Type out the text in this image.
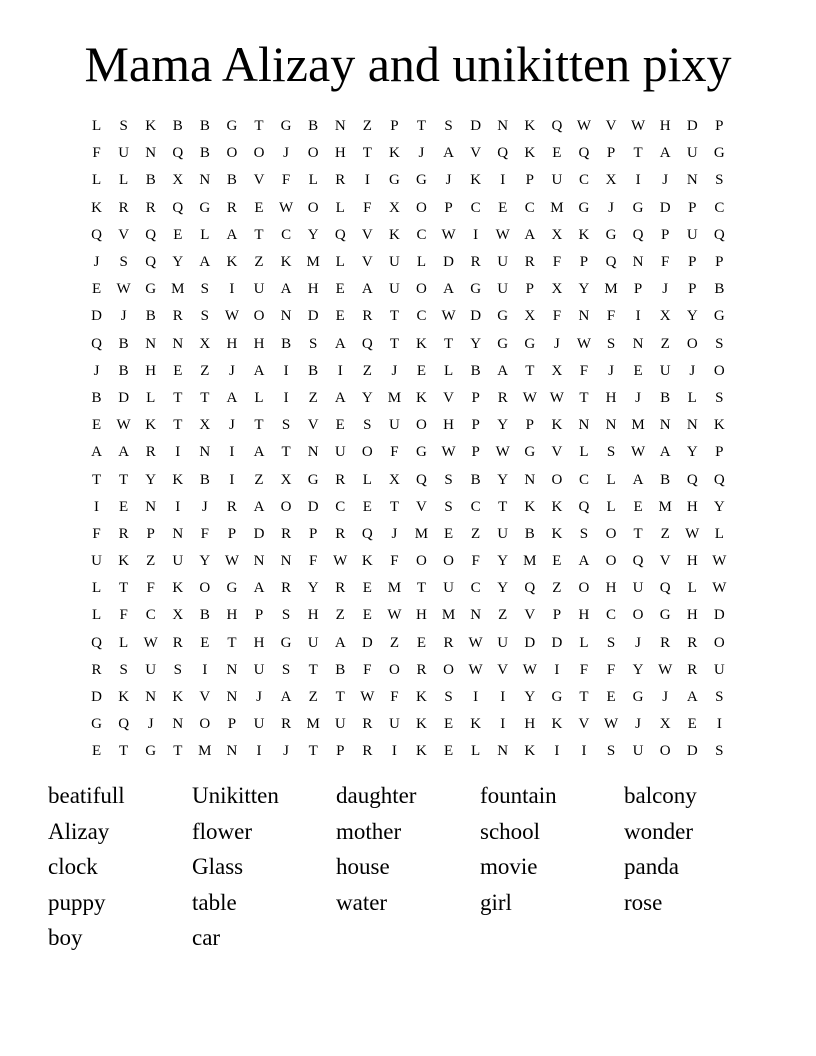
Mama Alizay and unikitten pixy
L	S	K	B	B	G	T	G	B	N	Z	P	T	S	D	N	K	Q W V W H	D	P
F	U	N	Q	B	O	O	J	O	H	T	K	J	A	V	Q	K	E	Q	P	T	A	U	G
L	L	B	X	N	B	V	F	L	R	I	G	G	J	K	I	P	U	C	X	I	J	N	S
K	R	R	Q	G	R	E	W O	L	F	X	O	P	C	E	C	M G	J	G	D	P	C
Q	V	Q	E	L	A	T	C	Y	Q	V	K	C W	I	W A	X	K	G	Q	P	U	Q
J	S	Q	Y	A	K	Z	K M	L	V	U	L	D	R	U	R	F	P	Q	N	F	P	P
E	W G M	S	I	U	A	H	E	A	U	O	A	G	U	P	X	Y M	P	J	P	B
D	J	B	R	S	W O	N	D	E	R	T	C W D	G	X	F	N	F	I	X	Y	G
Q	B	N	N	X	H	H	B	S	A	Q	T	K	T	Y	G	G	J	W	S	N	Z	O	S
J	B	H	E	Z	J	A	I	B	I	Z	J	E	L	B	A	T	X	F	J	E	U	J	O
B	D	L	T	T	A	L	I	Z	A	Y M K	V	P	R W W	T	H	J	B	L	S
E	W K	T	X	J	T	S	V	E	S	U	O	H	P	Y	P	K	N	N M N	N	K
A	A	R	I	N	I	A	T	N	U	O	F	G W	P	W G	V	L	S	W A	Y	P
T	T	Y	K	B	I	Z	X	G	R	L	X	Q	S	B	Y	N	O	C	L	A	B	Q	Q
I	E	N	I	J	R	A	O	D	C	E	T	V	S	C	T	K	K	Q	L	E	M H	Y
F	R	P	N	F	P	D	R	P	R	Q	J	M	E	Z	U	B	K	S	O	T	Z	W	L
U	K	Z	U	Y W N	N	F	W K	F	O	O	F	Y M	E	A	O	Q	V	H W
L	T	F	K	O	G	A	R	Y	R	E	M	T	U	C	Y	Q	Z	O	H	U	Q	L	W
L	F	C	X	B	H	P	S	H	Z	E	W H M N	Z	V	P	H	C	O	G	H	D
Q	L	W R	E	T	H	G	U	A	D	Z	E	R W U	D	D	L	S	J	R	R	O
R	S	U	S	I	N	U	S	T	B	F	O	R	O W V W	I	F	F	Y W R	U
D	K	N	K	V	N	J	A	Z	T	W	F	K	S	I	I	Y	G	T	E	G	J	A	S
G	Q	J	N	O	P	U	R	M U	R	U	K	E	K	I	H	K	V W	J	X	E	I
E	T	G	T	M N	I	J	T	P	R	I	K	E	L	N	K	I	I	S	U	O	D	S
beatifull	Unikitten	daughter	fountain	balcony
Alizay	flower	mother	school	wonder
clock	Glass	house	movie	panda
puppy	table	water	girl	rose
boy	car
